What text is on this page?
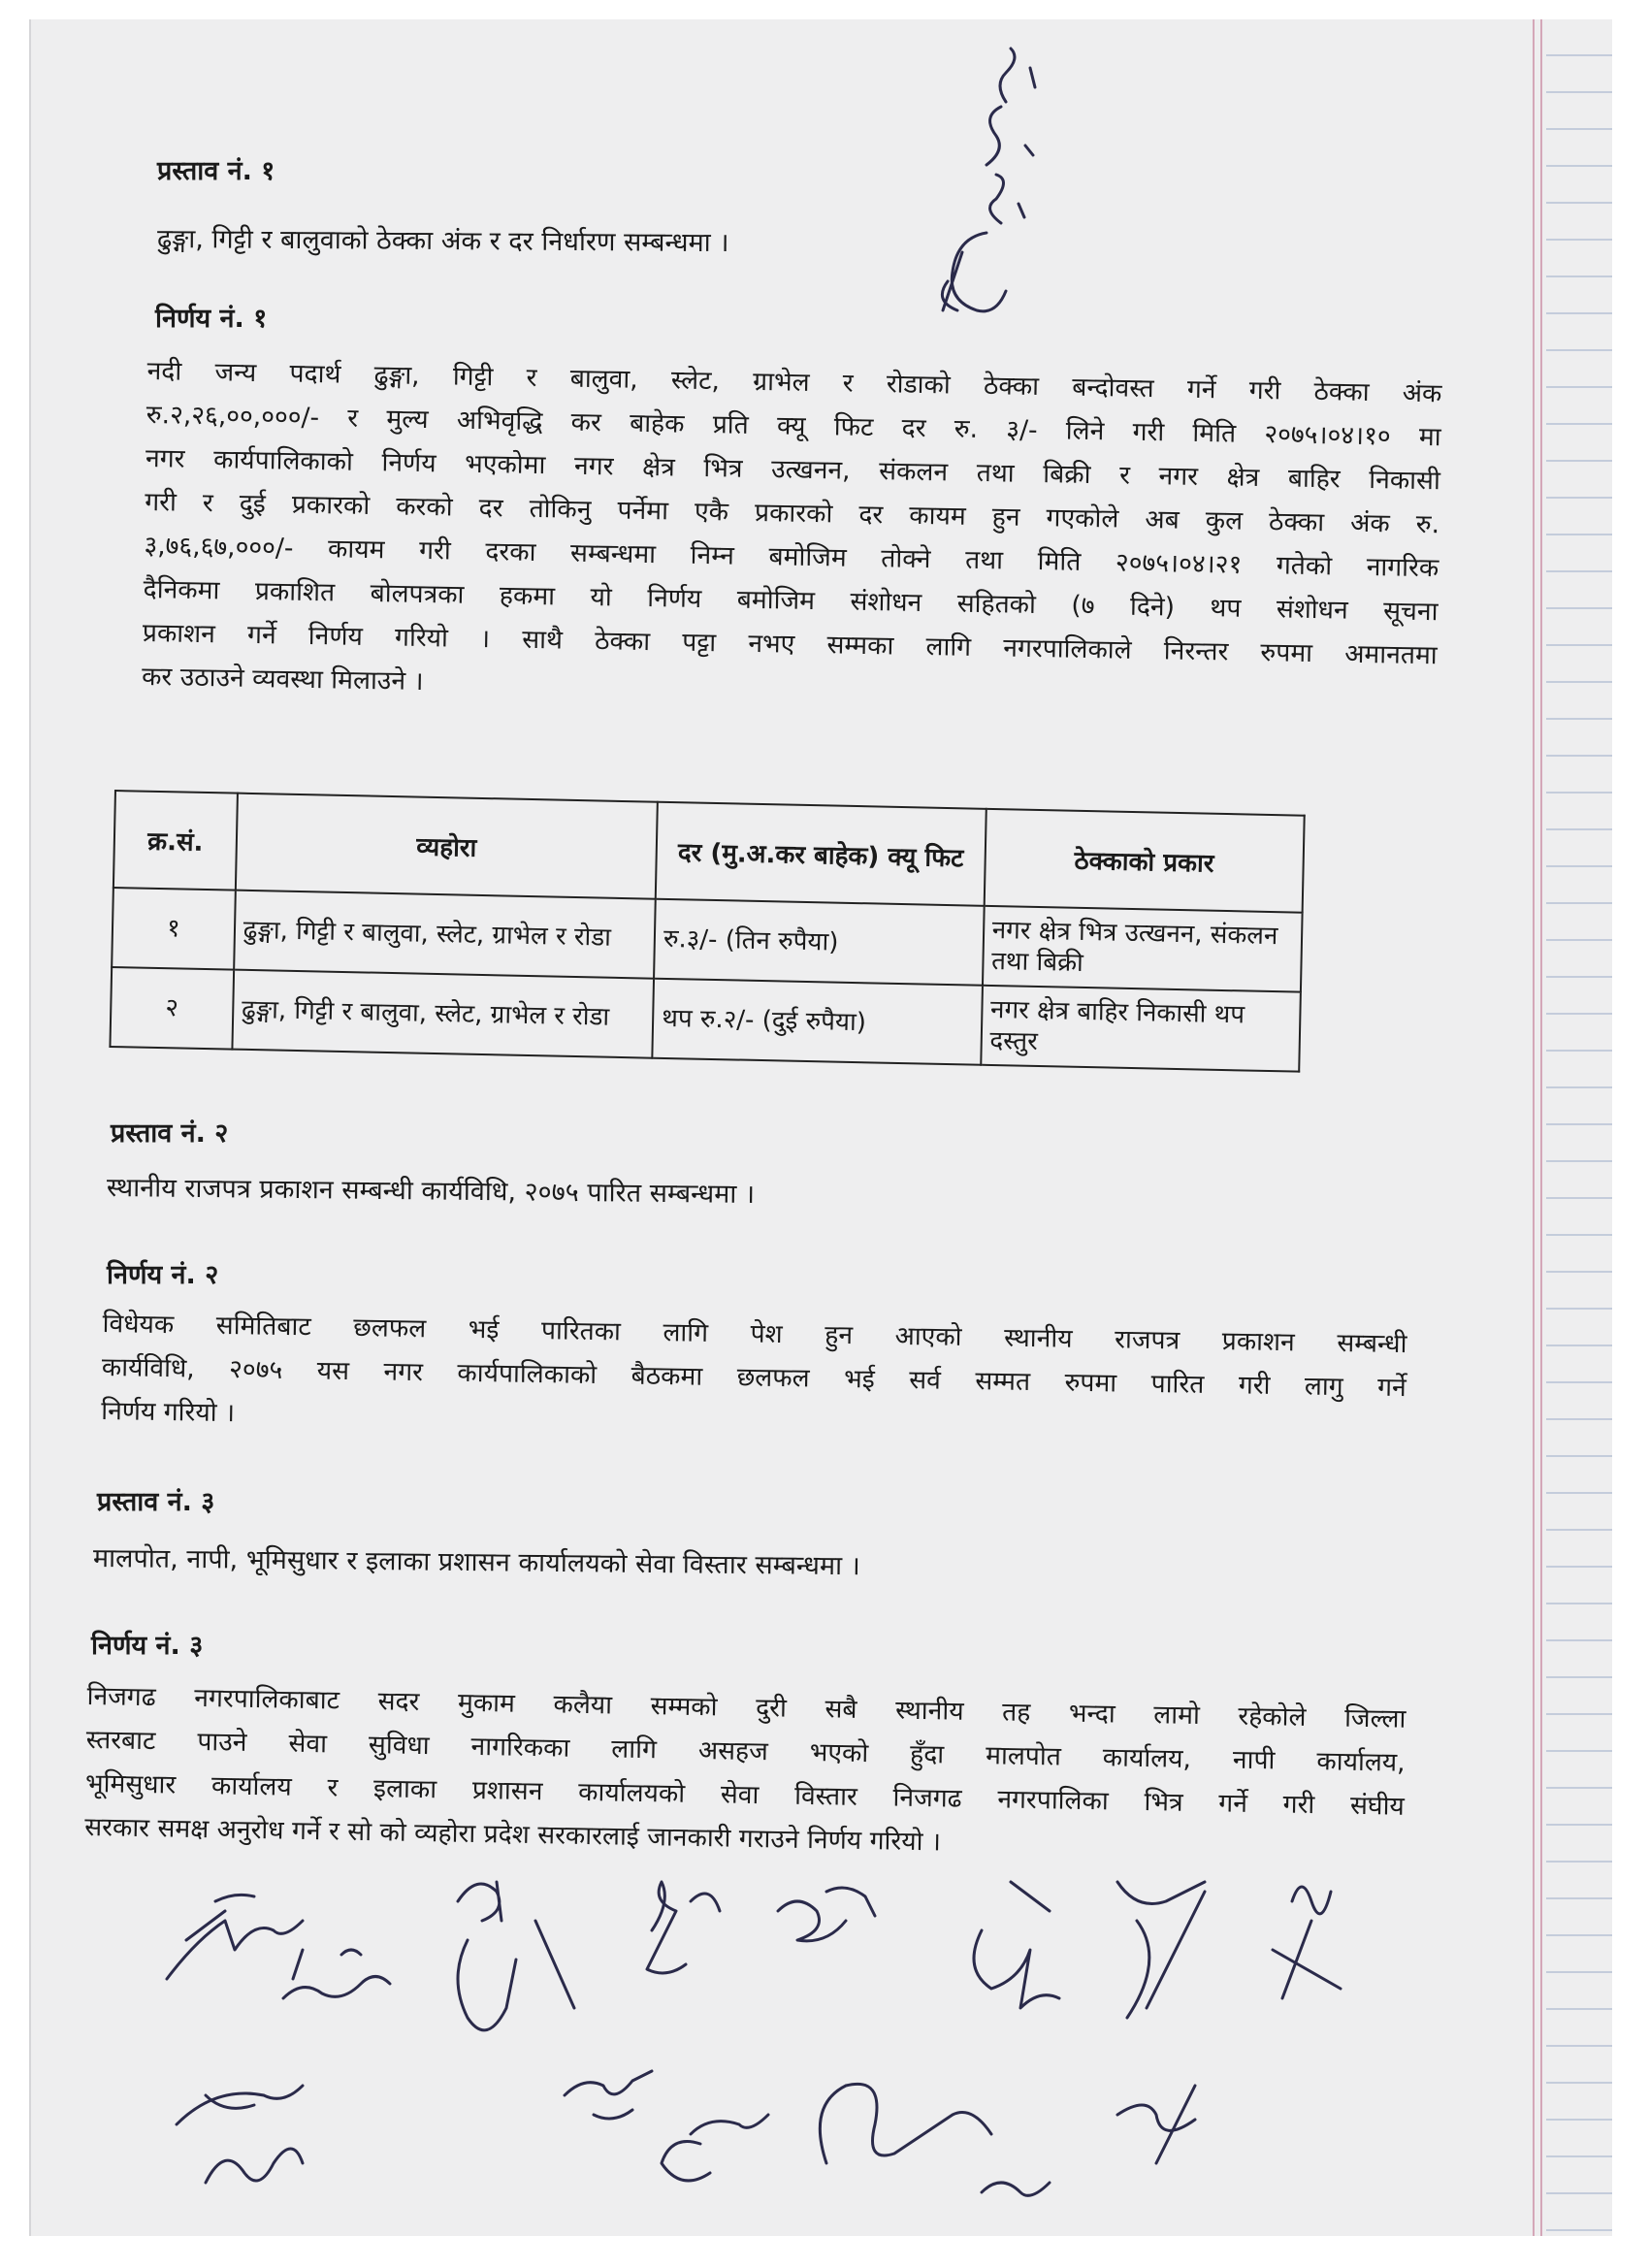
प्रस्ताव नं. १
ढुङ्गा, गिट्टी र बालुवाको ठेक्का अंक र दर निर्धारण सम्बन्धमा ।
निर्णय नं. १
नदी जन्य पदार्थ ढुङ्गा, गिट्टी र बालुवा, स्लेट, ग्राभेल र रोडाको ठेक्का बन्दोवस्त गर्ने गरी ठेक्का अंक
रु.२,२६,००,०००/- र मुल्य अभिवृद्धि कर बाहेक प्रति क्यू फिट दर रु. ३/- लिने गरी मिति २०७५।०४।१० मा
नगर कार्यपालिकाको निर्णय भएकोमा नगर क्षेत्र भित्र उत्खनन, संकलन तथा बिक्री र नगर क्षेत्र बाहिर निकासी
गरी र दुई प्रकारको करको दर तोकिनु पर्नेमा एकै प्रकारको दर कायम हुन गएकोले अब कुल ठेक्का अंक रु.
३,७६,६७,०००/- कायम गरी दरका सम्बन्धमा निम्न बमोजिम तोक्ने तथा मिति २०७५।०४।२१ गतेको नागरिक
दैनिकमा प्रकाशित बोलपत्रका हकमा यो निर्णय बमोजिम संशोधन सहितको (७ दिने) थप संशोधन सूचना
प्रकाशन गर्ने निर्णय गरियो । साथै ठेक्का पट्टा नभए सम्मका लागि नगरपालिकाले निरन्तर रुपमा अमानतमा
कर उठाउने व्यवस्था मिलाउने ।
क्र.सं.	व्यहोरा	दर (मु.अ.कर बाहेक) क्यू फिट	ठेक्काको प्रकार
१	ढुङ्गा, गिट्टी र बालुवा, स्लेट, ग्राभेल र रोडा	रु.३/- (तिन रुपैया)	नगर क्षेत्र भित्र उत्खनन, संकलन तथा बिक्री
२	ढुङ्गा, गिट्टी र बालुवा, स्लेट, ग्राभेल र रोडा	थप रु.२/- (दुई रुपैया)	नगर क्षेत्र बाहिर निकासी थप दस्तुर
प्रस्ताव नं. २
स्थानीय राजपत्र प्रकाशन सम्बन्धी कार्यविधि, २०७५ पारित सम्बन्धमा ।
निर्णय नं. २
विधेयक समितिबाट छलफल भई पारितका लागि पेश हुन आएको स्थानीय राजपत्र प्रकाशन सम्बन्धी
कार्यविधि, २०७५ यस नगर कार्यपालिकाको बैठकमा छलफल भई सर्व सम्मत रुपमा पारित गरी लागु गर्ने
निर्णय गरियो ।
प्रस्ताव नं. ३
मालपोत, नापी, भूमिसुधार र इलाका प्रशासन कार्यालयको सेवा विस्तार सम्बन्धमा ।
निर्णय नं. ३
निजगढ नगरपालिकाबाट सदर मुकाम कलैया सम्मको दुरी सबै स्थानीय तह भन्दा लामो रहेकोले जिल्ला
स्तरबाट पाउने सेवा सुविधा नागरिकका लागि असहज भएको हुँदा मालपोत कार्यालय, नापी कार्यालय,
भूमिसुधार कार्यालय र इलाका प्रशासन कार्यालयको सेवा विस्तार निजगढ नगरपालिका भित्र गर्ने गरी संघीय
सरकार समक्ष अनुरोध गर्ने र सो को व्यहोरा प्रदेश सरकारलाई जानकारी गराउने निर्णय गरियो ।
